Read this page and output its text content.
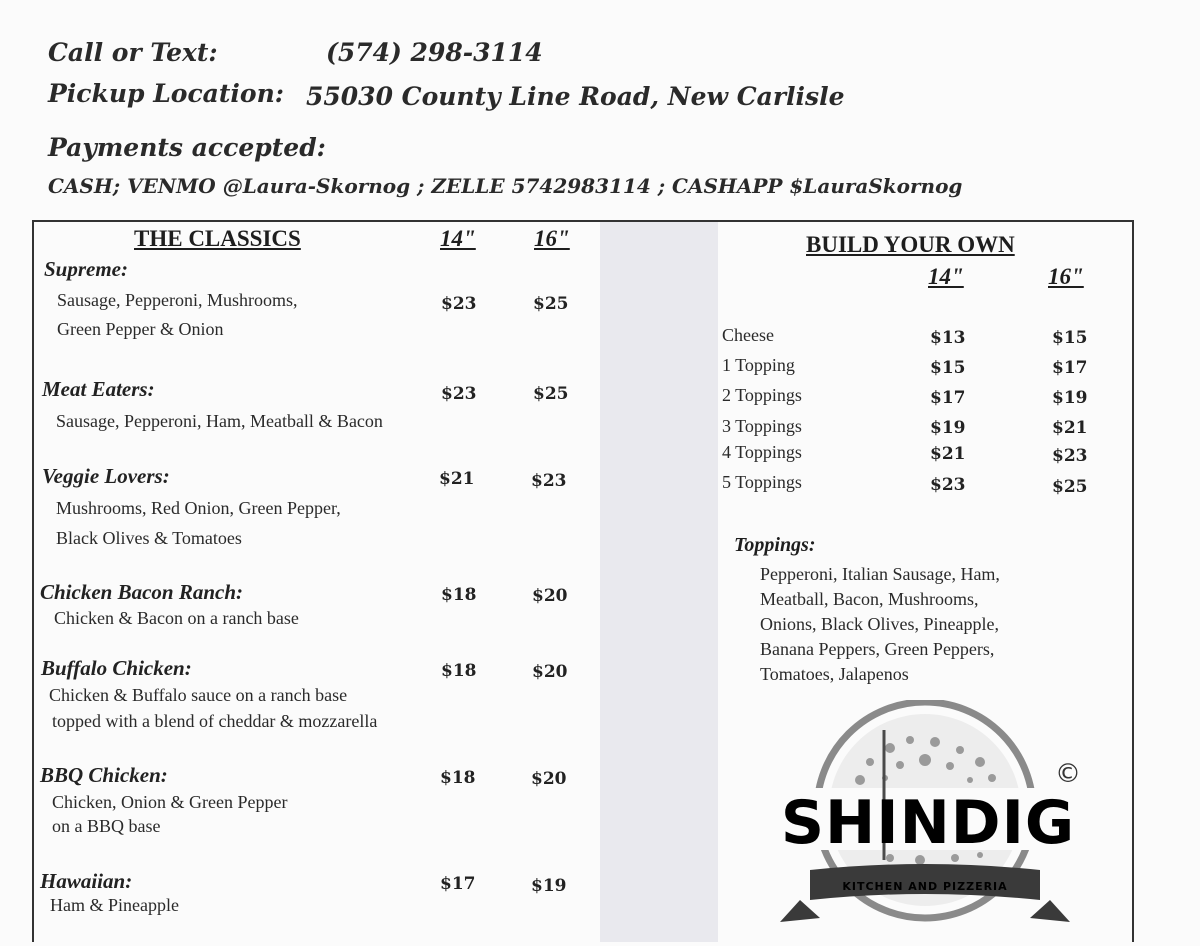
Call or Text:	(574) 298-3114
Pickup Location: 55030 County Line Road, New Carlisle
Payments accepted:
CASH; VENMO @Laura-Skornog ; ZELLE 5742983114 ; CASHAPP $LauraSkornog
THE CLASSICS	14"	16"
Supreme:
Sausage, Pepperoni, Mushrooms,
Green Pepper & Onion
$23	$25
Meat Eaters:
Sausage, Pepperoni, Ham, Meatball & Bacon
$23	$25
Veggie Lovers:
Mushrooms, Red Onion, Green Pepper,
Black Olives & Tomatoes
$21	$23
Chicken Bacon Ranch:
Chicken & Bacon on a ranch base
$18	$20
Buffalo Chicken:
Chicken & Buffalo sauce on a ranch base
topped with a blend of cheddar & mozzarella
$18	$20
BBQ Chicken:
Chicken, Onion & Green Pepper
on a BBQ base
$18	$20
Hawaiian:
Ham & Pineapple
$17	$19
BUILD YOUR OWN
14"	16"
Cheese	$13	$15
1 Topping	$15	$17
2 Toppings	$17	$19
3 Toppings	$19	$21
4 Toppings	$21	$23
5 Toppings	$23	$25
Toppings:
Pepperoni, Italian Sausage, Ham,
Meatball, Bacon, Mushrooms,
Onions, Black Olives, Pineapple,
Banana Peppers, Green Peppers,
Tomatoes, Jalapenos
SHINDIG
©
KITCHEN AND PIZZERIA
